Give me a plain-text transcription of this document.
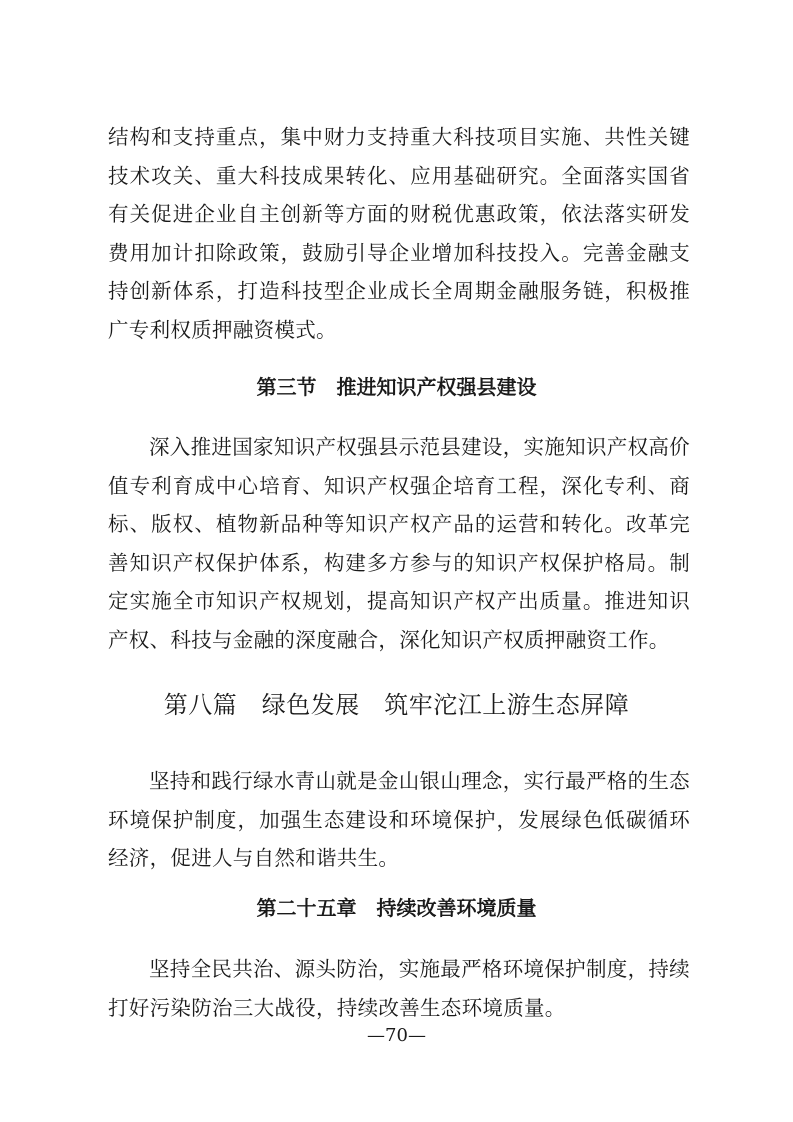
结构和支持重点，集中财力支持重大科技项目实施、共性关键技术攻关、重大科技成果转化、应用基础研究。全面落实国省有关促进企业自主创新等方面的财税优惠政策，依法落实研发费用加计扣除政策，鼓励引导企业增加科技投入。完善金融支持创新体系，打造科技型企业成长全周期金融服务链，积极推广专利权质押融资模式。

第三节　推进知识产权强县建设

深入推进国家知识产权强县示范县建设，实施知识产权高价值专利育成中心培育、知识产权强企培育工程，深化专利、商标、版权、植物新品种等知识产权产品的运营和转化。改革完善知识产权保护体系，构建多方参与的知识产权保护格局。制定实施全市知识产权规划，提高知识产权产出质量。推进知识产权、科技与金融的深度融合，深化知识产权质押融资工作。

第八篇　绿色发展　筑牢沱江上游生态屏障

坚持和践行绿水青山就是金山银山理念，实行最严格的生态环境保护制度，加强生态建设和环境保护，发展绿色低碳循环经济，促进人与自然和谐共生。

第二十五章　持续改善环境质量

坚持全民共治、源头防治，实施最严格环境保护制度，持续打好污染防治三大战役，持续改善生态环境质量。

—70—
